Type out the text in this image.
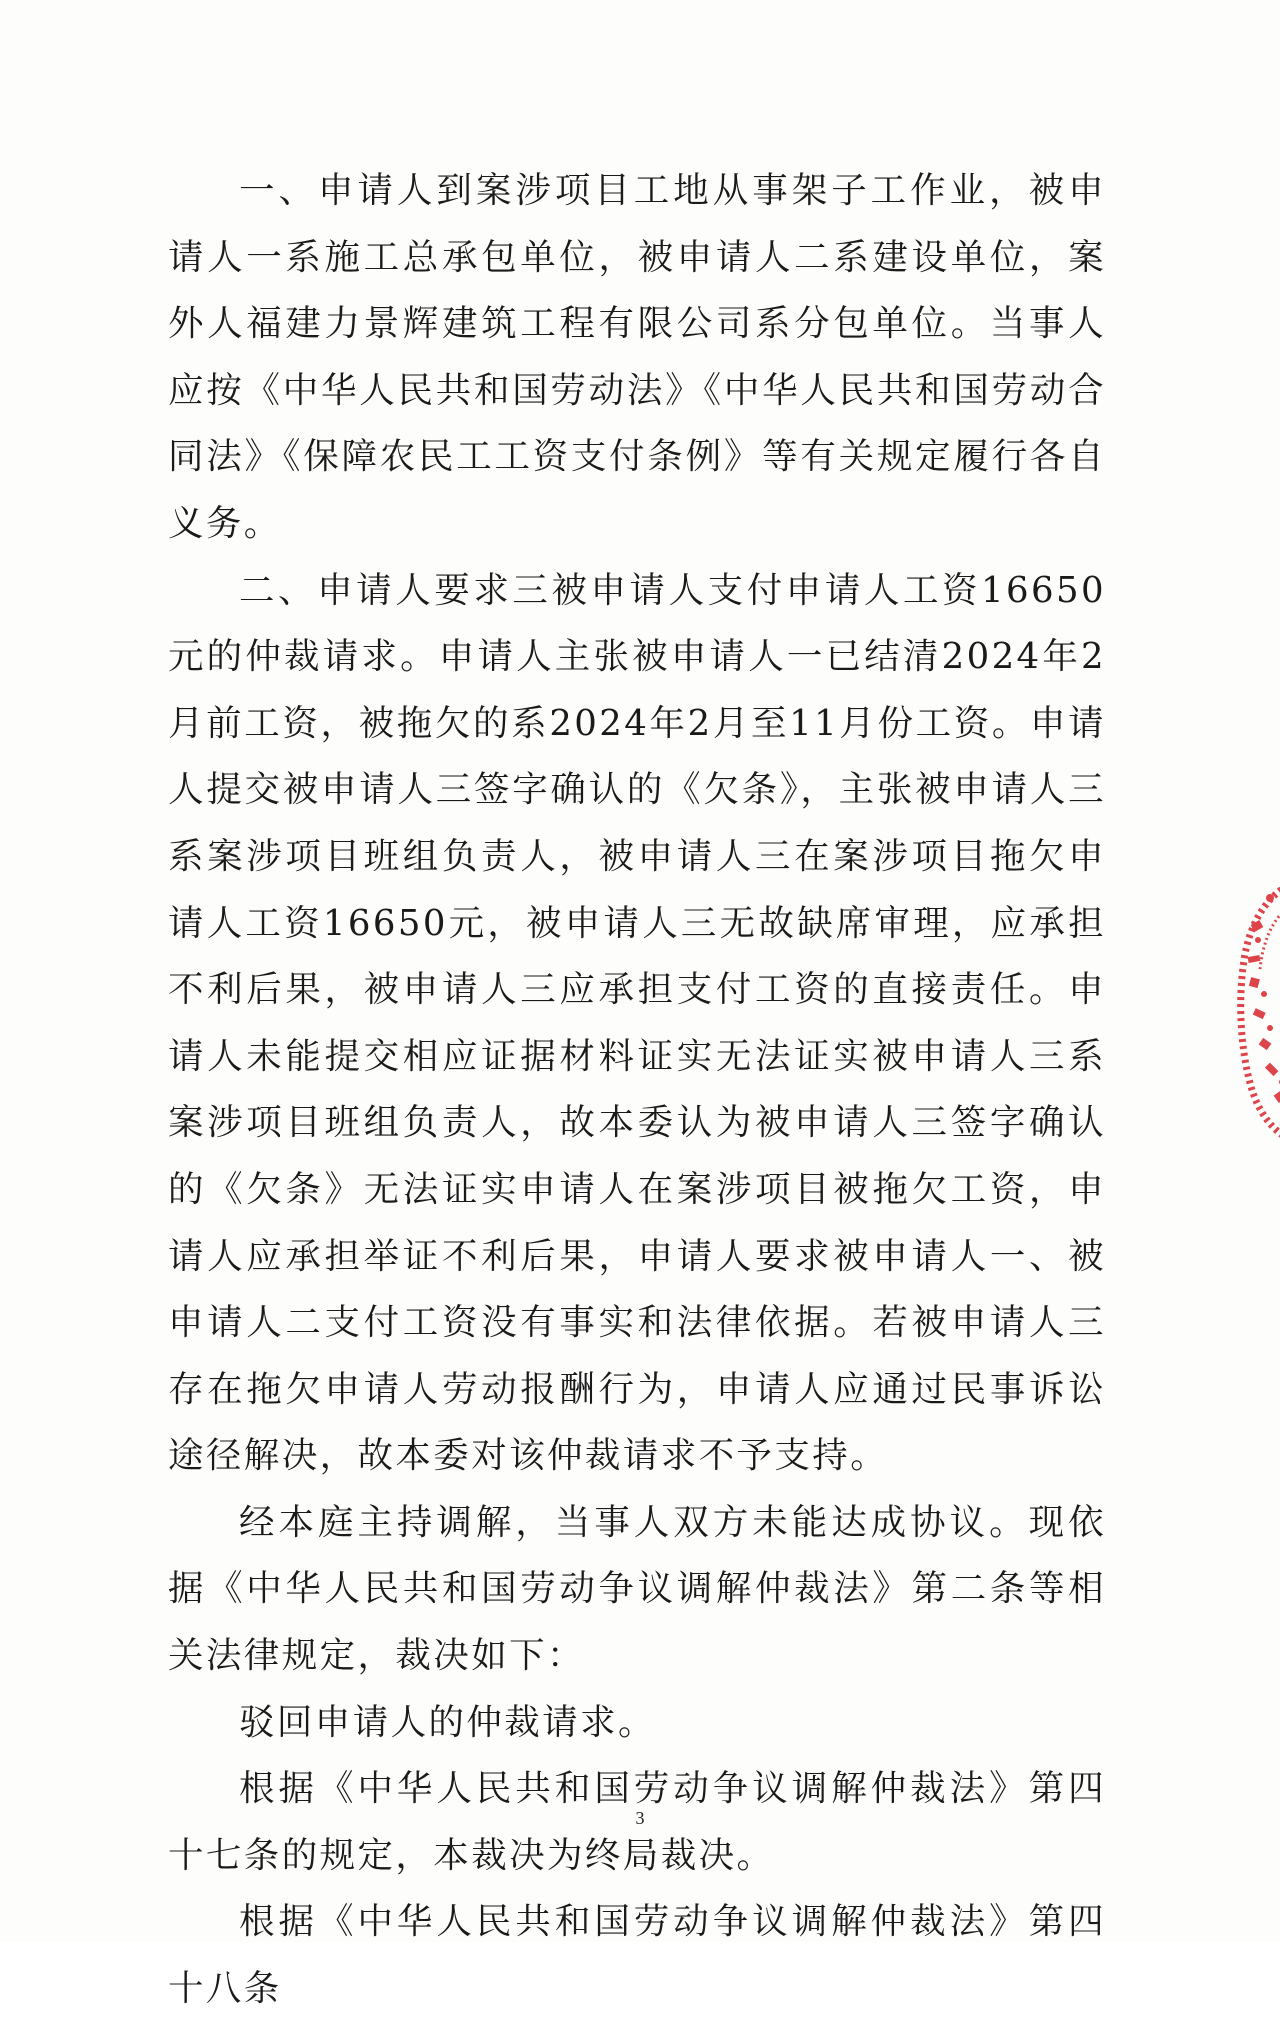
一、申请人到案涉项目工地从事架子工作业，被申请人一系施工总承包单位，被申请人二系建设单位，案外人福建力景辉建筑工程有限公司系分包单位。当事人应按《中华人民共和国劳动法》《中华人民共和国劳动合同法》《保障农民工工资支付条例》等有关规定履行各自义务。

二、申请人要求三被申请人支付申请人工资16650元的仲裁请求。申请人主张被申请人一已结清2024年2月前工资，被拖欠的系2024年2月至11月份工资。申请人提交被申请人三签字确认的《欠条》，主张被申请人三系案涉项目班组负责人，被申请人三在案涉项目拖欠申请人工资16650元，被申请人三无故缺席审理，应承担不利后果，被申请人三应承担支付工资的直接责任。申请人未能提交相应证据材料证实无法证实被申请人三系案涉项目班组负责人，故本委认为被申请人三签字确认的《欠条》无法证实申请人在案涉项目被拖欠工资，申请人应承担举证不利后果，申请人要求被申请人一、被申请人二支付工资没有事实和法律依据。若被申请人三存在拖欠申请人劳动报酬行为，申请人应通过民事诉讼途径解决，故本委对该仲裁请求不予支持。

经本庭主持调解，当事人双方未能达成协议。现依据《中华人民共和国劳动争议调解仲裁法》第二条等相关法律规定，裁决如下：

驳回申请人的仲裁请求。

根据《中华人民共和国劳动争议调解仲裁法》第四十七条的规定，本裁决为终局裁决。

根据《中华人民共和国劳动争议调解仲裁法》第四十八条

3
